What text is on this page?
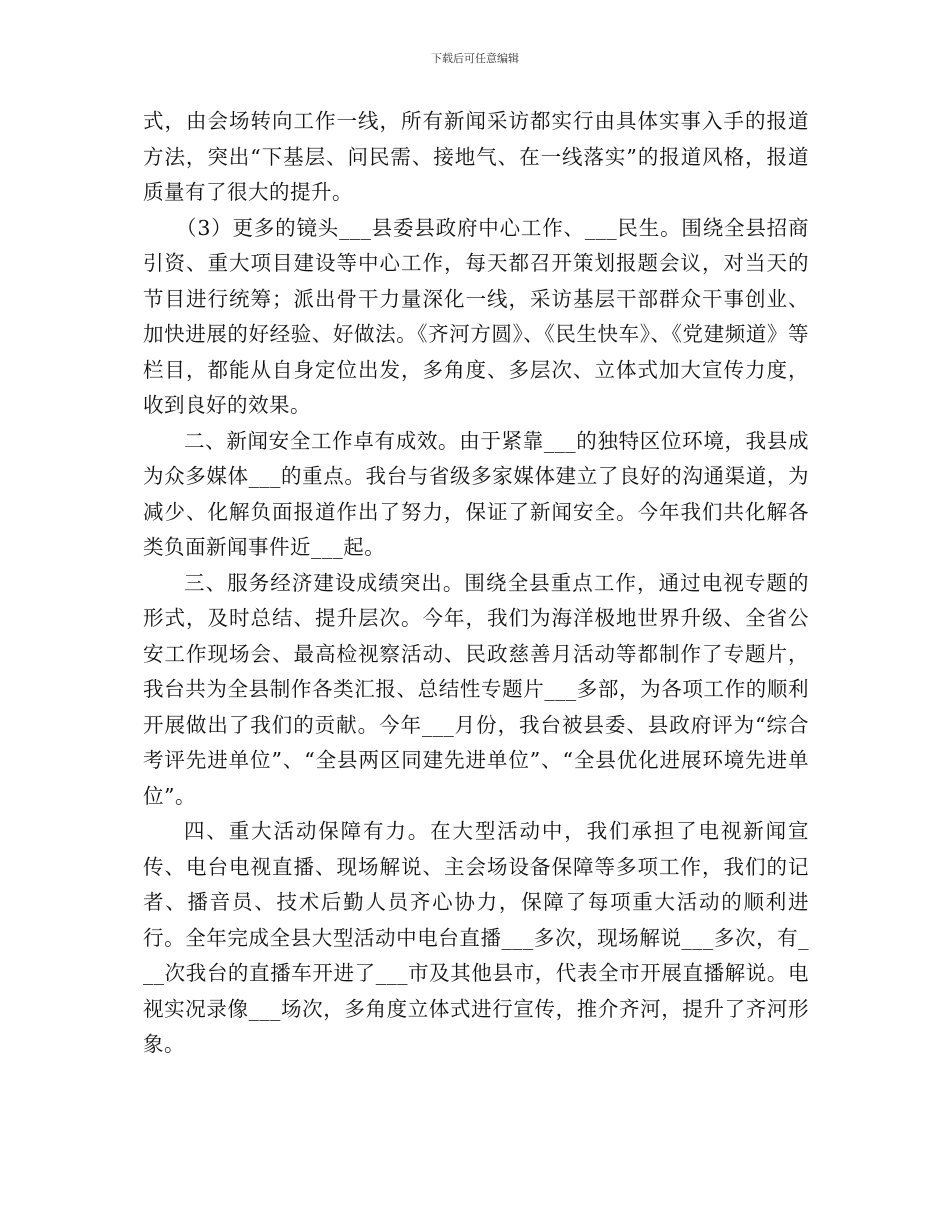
下载后可任意编辑

式，由会场转向工作一线，所有新闻采访都实行由具体实事入手的报道方法，突出“下基层、问民需、接地气、在一线落实”的报道风格，报道质量有了很大的提升。

（3）更多的镜头___县委县政府中心工作、___民生。围绕全县招商引资、重大项目建设等中心工作，每天都召开策划报题会议，对当天的节目进行统筹；派出骨干力量深化一线，采访基层干部群众干事创业、加快进展的好经验、好做法。《齐河方圆》、《民生快车》、《党建频道》等栏目，都能从自身定位出发，多角度、多层次、立体式加大宣传力度，收到良好的效果。

二、新闻安全工作卓有成效。由于紧靠___的独特区位环境，我县成为众多媒体___的重点。我台与省级多家媒体建立了良好的沟通渠道，为减少、化解负面报道作出了努力，保证了新闻安全。今年我们共化解各类负面新闻事件近___起。

三、服务经济建设成绩突出。围绕全县重点工作，通过电视专题的形式，及时总结、提升层次。今年，我们为海洋极地世界升级、全省公安工作现场会、最高检视察活动、民政慈善月活动等都制作了专题片，我台共为全县制作各类汇报、总结性专题片___多部，为各项工作的顺利开展做出了我们的贡献。今年___月份，我台被县委、县政府评为“综合考评先进单位”、“全县两区同建先进单位”、“全县优化进展环境先进单位”。

四、重大活动保障有力。在大型活动中，我们承担了电视新闻宣传、电台电视直播、现场解说、主会场设备保障等多项工作，我们的记者、播音员、技术后勤人员齐心协力，保障了每项重大活动的顺利进行。全年完成全县大型活动中电台直播___多次，现场解说___多次，有___次我台的直播车开进了___市及其他县市，代表全市开展直播解说。电视实况录像___场次，多角度立体式进行宣传，推介齐河，提升了齐河形象。
